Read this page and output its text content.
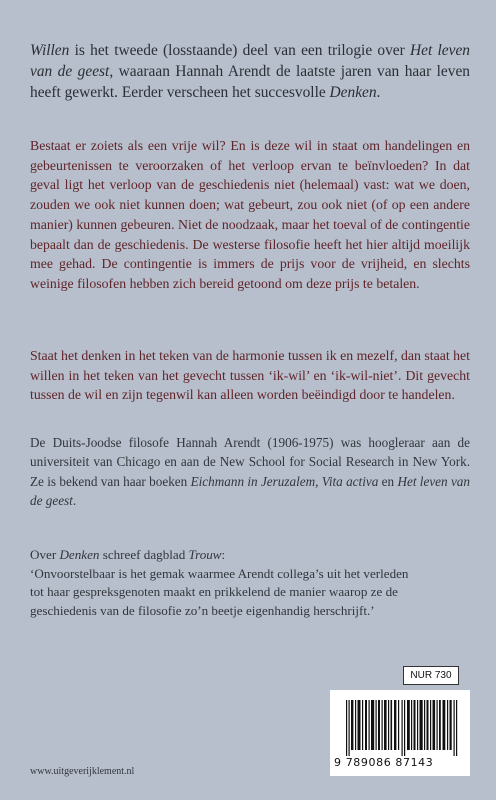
Willen is het tweede (losstaande) deel van een trilogie over Het leven van de geest, waaraan Hannah Arendt de laatste jaren van haar leven heeft gewerkt. Eerder verscheen het succesvolle Denken.
Bestaat er zoiets als een vrije wil? En is deze wil in staat om handelingen en gebeurtenissen te veroorzaken of het verloop ervan te beïnvloeden? In dat geval ligt het verloop van de geschiedenis niet (helemaal) vast: wat we doen, zouden we ook niet kunnen doen; wat gebeurt, zou ook niet (of op een andere manier) kunnen gebeuren. Niet de noodzaak, maar het toeval of de contingentie bepaalt dan de geschiedenis. De westerse filosofie heeft het hier altijd moeilijk mee gehad. De contingentie is immers de prijs voor de vrijheid, en slechts weinige filosofen hebben zich bereid getoond om deze prijs te betalen.
Staat het denken in het teken van de harmonie tussen ik en mezelf, dan staat het willen in het teken van het gevecht tussen ‘ik-wil’ en ‘ik-wil-niet’. Dit gevecht tussen de wil en zijn tegenwil kan alleen worden beëindigd door te handelen.
De Duits-Joodse filosofe Hannah Arendt (1906-1975) was hoogleraar aan de universiteit van Chicago en aan de New School for Social Research in New York. Ze is bekend van haar boeken Eichmann in Jeruzalem, Vita activa en Het leven van de geest.
Over Denken schreef dagblad Trouw:
‘Onvoorstelbaar is het gemak waarmee Arendt collega’s uit het verleden
tot haar gespreksgenoten maakt en prikkelend de manier waarop ze de
geschiedenis van de filosofie zo’n beetje eigenhandig herschrijft.’
NUR 730
9 789086 87143
www.uitgeverijklement.nl
